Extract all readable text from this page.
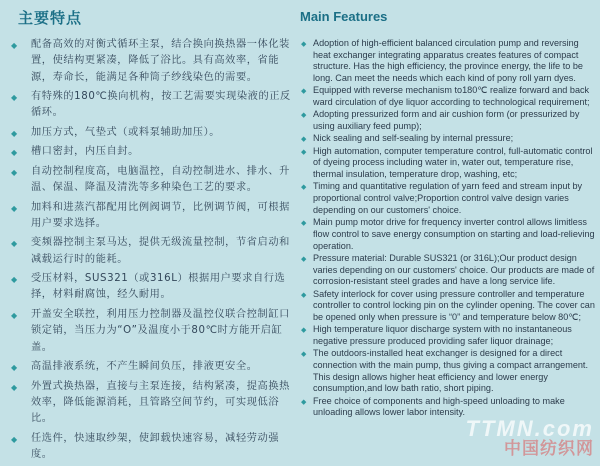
主要特点
◆	配备高效的对衡式循环主泵，结合换向换热器一体化装置，使结构更紧凑，降低了浴比。具有高效率，省能源，寿命长，能满足各种筒子纱线染色的需要。
◆	有特殊的180℃换向机构，按工艺需要实现染液的正反循环。
◆	加压方式，气垫式（或料泵辅助加压）。
◆	槽口密封，内压自封。
◆	自动控制程度高，电脑温控，自动控制进水、排水、升温、保温、降温及清洗等多种染色工艺的要求。
◆	加料和进蒸汽都配用比例阀调节，比例调节阀，可根据用户要求选择。
◆	变频器控制主泵马达，提供无级流量控制，节省启动和减载运行时的能耗。
◆	受压材料，SUS321（或316L）根据用户要求自行选择，材料耐腐蚀，经久耐用。
◆	开盖安全联控，利用压力控制器及温控仪联合控制缸口锁定销，当压力为“O”及温度小于80℃时方能开启缸盖。
◆	高温排液系统，不产生瞬间负压，排液更安全。
◆	外置式换热器，直接与主泵连接，结构紧凑，提高换热效率，降低能源消耗，且管路空间节约，可实现低浴比。
◆	任选件，快速取纱架，使卸载快速容易，减轻劳动强度。
Main Features
◆ Adoption of high-efficient balanced circulation pump and reversing heat exchanger integrating apparatus creates features of compact structure. Has the high efficiency, the province energy, the life to be long. Can meet the needs which each kind of pony roll yarn dyes.
◆ Equipped with reverse mechanism to180℃ realize forward and back ward circulation of dye liquor according to technological requirement;
◆ Adopting pressurized form and air cushion form (or pressurized by using auxiliary feed pump);
◆ Nick sealing and self-sealing by internal pressure;
◆ High automation, computer temperature control, full-automatic control of dyeing process including water in, water out, temperature rise, thermal insulation, temperature drop, washing, etc;
◆ Timing and quantitative regulation of yarn feed and stream input by proportional control valve;Proportion control valve design varies depending on our customers' choice.
◆ Main pump motor drive for frequency inverter control allows limitless flow control to save energy consumption on starting and load-relieving operation.
◆ Pressure material: Durable SUS321 (or 316L);Our product design varies depending on our customers' choice. Our products are made of corrosion-resistant steel grades and have a long service life.
◆ Safety interlock for cover using pressure controller and temperature controller to control locking pin on the cylinder opening. The cover can be opened only when pressure is “0” and temperature below 80℃;
◆ High temperature liquor discharge system with no instantaneous negative pressure produced providing safer liquor drainage;
◆ The outdoors-installed heat exchanger is designed for a direct connection with the main pump, thus giving a compact arrangement. This design allows higher heat efficiency and lower energy consumption,and low bath ratio, short piping.
◆ Free choice of components and high-speed unloading to make unloading allows lower labor intensity.
TTMN.com
中国纺织网
